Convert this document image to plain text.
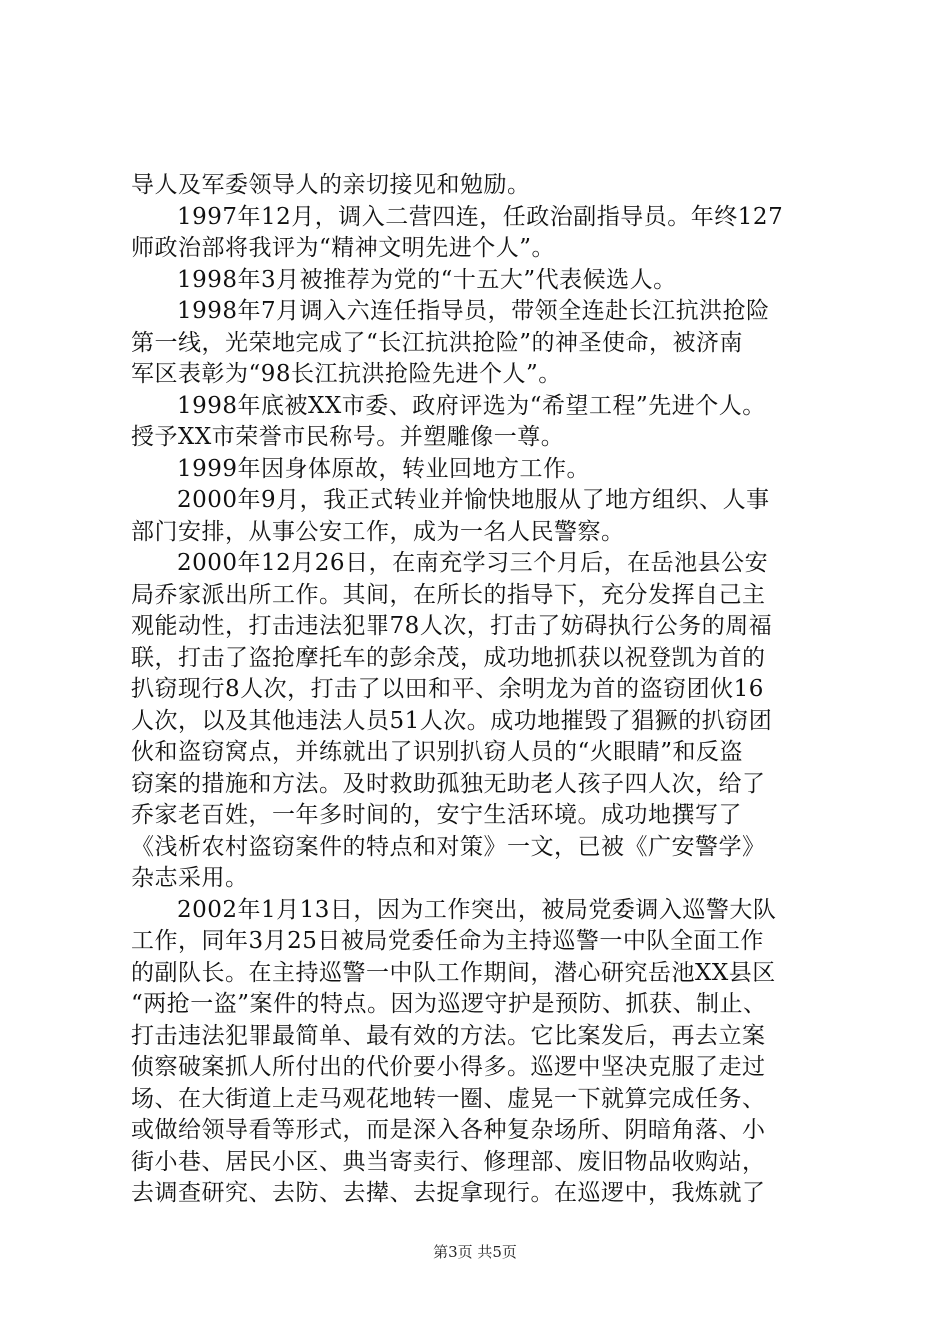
导人及军委领导人的亲切接见和勉励。
1997年12月，调入二营四连，任政治副指导员。年终127
师政治部将我评为“精神文明先进个人”。
1998年3月被推荐为党的“十五大”代表候选人。
1998年7月调入六连任指导员，带领全连赴长江抗洪抢险
第一线，光荣地完成了“长江抗洪抢险”的神圣使命，被济南
军区表彰为“98长江抗洪抢险先进个人”。
1998年底被XX市委、政府评选为“希望工程”先进个人。
授予XX市荣誉市民称号。并塑雕像一尊。
1999年因身体原故，转业回地方工作。
2000年9月，我正式转业并愉快地服从了地方组织、人事
部门安排，从事公安工作，成为一名人民警察。
2000年12月26日，在南充学习三个月后，在岳池县公安
局乔家派出所工作。其间，在所长的指导下，充分发挥自己主
观能动性，打击违法犯罪78人次，打击了妨碍执行公务的周福
联，打击了盗抢摩托车的彭余茂，成功地抓获以祝登凯为首的
扒窃现行8人次，打击了以田和平、余明龙为首的盗窃团伙16
人次，以及其他违法人员51人次。成功地摧毁了猖獗的扒窃团
伙和盗窃窝点，并练就出了识别扒窃人员的“火眼睛”和反盗
窃案的措施和方法。及时救助孤独无助老人孩子四人次，给了
乔家老百姓，一年多时间的，安宁生活环境。成功地撰写了
《浅析农村盗窃案件的特点和对策》一文，已被《广安警学》
杂志采用。
2002年1月13日，因为工作突出，被局党委调入巡警大队
工作，同年3月25日被局党委任命为主持巡警一中队全面工作
的副队长。在主持巡警一中队工作期间，潜心研究岳池XX县区
“两抢一盗”案件的特点。因为巡逻守护是预防、抓获、制止、
打击违法犯罪最简单、最有效的方法。它比案发后，再去立案
侦察破案抓人所付出的代价要小得多。巡逻中坚决克服了走过
场、在大街道上走马观花地转一圈、虚晃一下就算完成任务、
或做给领导看等形式，而是深入各种复杂场所、阴暗角落、小
街小巷、居民小区、典当寄卖行、修理部、废旧物品收购站，
去调查研究、去防、去撵、去捉拿现行。在巡逻中，我炼就了
第3页 共5页
